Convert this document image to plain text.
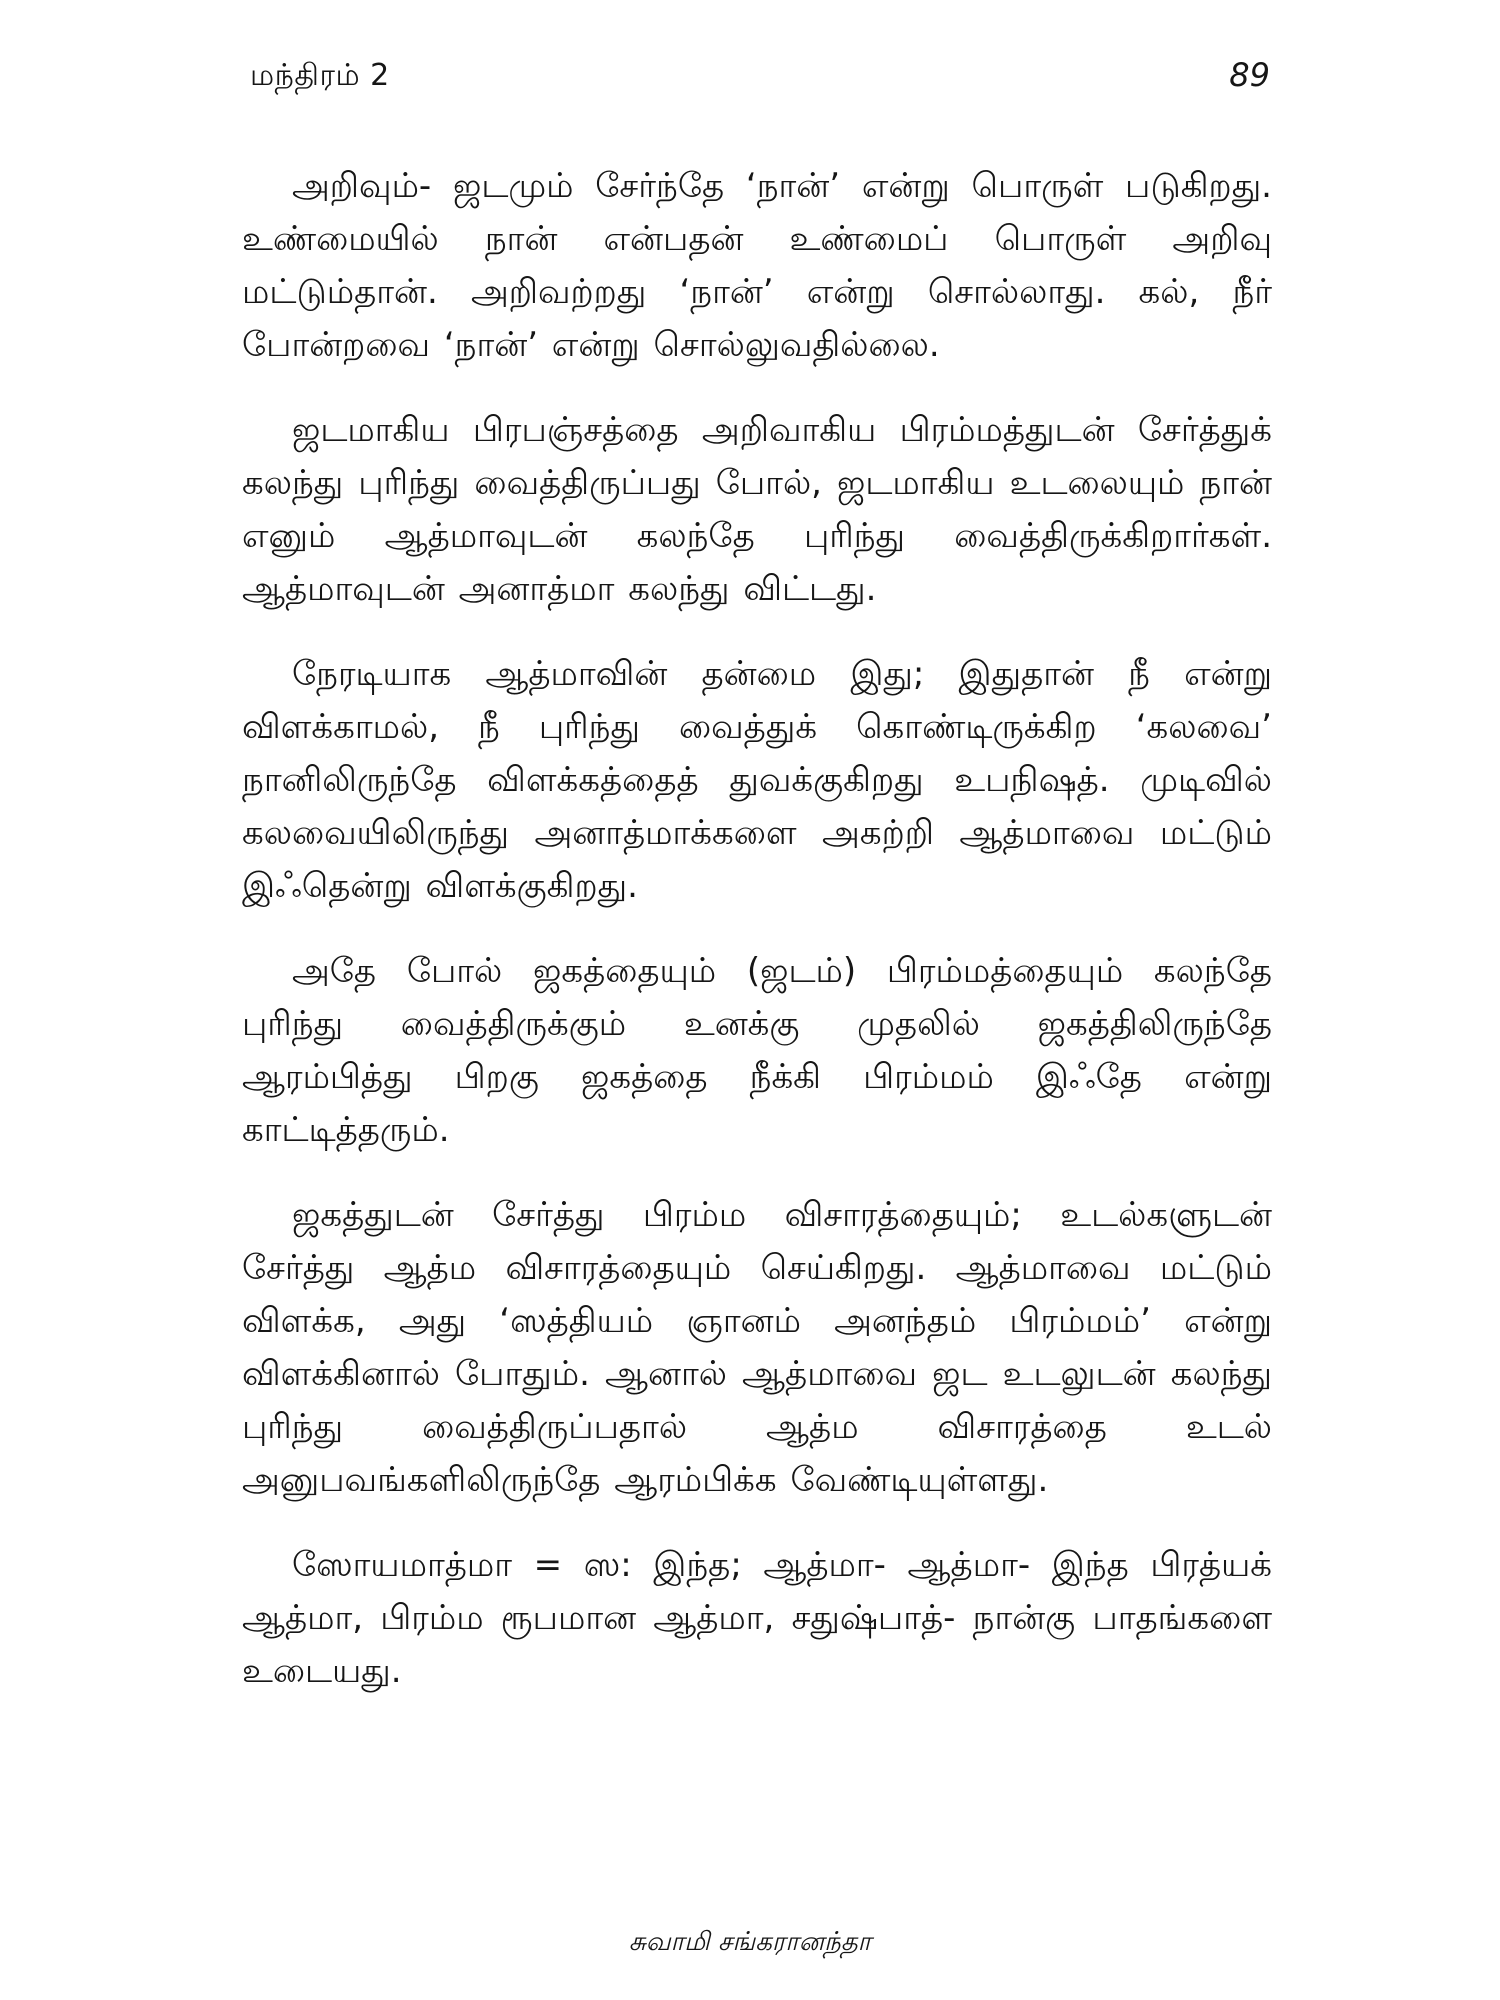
மந்திரம் 2	89

அறிவும்- ஜடமும் சேர்ந்தே ‘நான்’ என்று பொருள் படுகிறது. உண்மையில் நான் என்பதன் உண்மைப் பொருள் அறிவு மட்டும்தான். அறிவற்றது ‘நான்’ என்று சொல்லாது. கல், நீர் போன்றவை ‘நான்’ என்று சொல்லுவதில்லை.

ஜடமாகிய பிரபஞ்சத்தை அறிவாகிய பிரம்மத்துடன் சேர்த்துக் கலந்து புரிந்து வைத்திருப்பது போல், ஜடமாகிய உடலையும் நான் எனும் ஆத்மாவுடன் கலந்தே புரிந்து வைத்திருக்கிறார்கள். ஆத்மாவுடன் அனாத்மா கலந்து விட்டது.

நேரடியாக ஆத்மாவின் தன்மை இது; இதுதான் நீ என்று விளக்காமல், நீ புரிந்து வைத்துக் கொண்டிருக்கிற ‘கலவை’ நானிலிருந்தே விளக்கத்தைத் துவக்குகிறது உபநிஷத். முடிவில் கலவையிலிருந்து அனாத்மாக்களை அகற்றி ஆத்மாவை மட்டும் இஃதென்று விளக்குகிறது.

அதே போல் ஜகத்தையும் (ஜடம்) பிரம்மத்தையும் கலந்தே புரிந்து வைத்திருக்கும் உனக்கு முதலில் ஜகத்திலிருந்தே ஆரம்பித்து பிறகு ஜகத்தை நீக்கி பிரம்மம் இஃதே என்று காட்டித்தரும்.

ஜகத்துடன் சேர்த்து பிரம்ம விசாரத்தையும்; உடல்களுடன் சேர்த்து ஆத்ம விசாரத்தையும் செய்கிறது. ஆத்மாவை மட்டும் விளக்க, அது ‘ஸத்தியம் ஞானம் அனந்தம் பிரம்மம்’ என்று விளக்கினால் போதும். ஆனால் ஆத்மாவை ஜட உடலுடன் கலந்து புரிந்து வைத்திருப்பதால் ஆத்ம விசாரத்தை உடல் அனுபவங்களிலிருந்தே ஆரம்பிக்க வேண்டியுள்ளது.

ஸோயமாத்மா = ஸ: இந்த; ஆத்மா- ஆத்மா- இந்த பிரத்யக் ஆத்மா, பிரம்ம ரூபமான ஆத்மா, சதுஷ்பாத்- நான்கு பாதங்களை உடையது.

சுவாமி சங்கரானந்தா
